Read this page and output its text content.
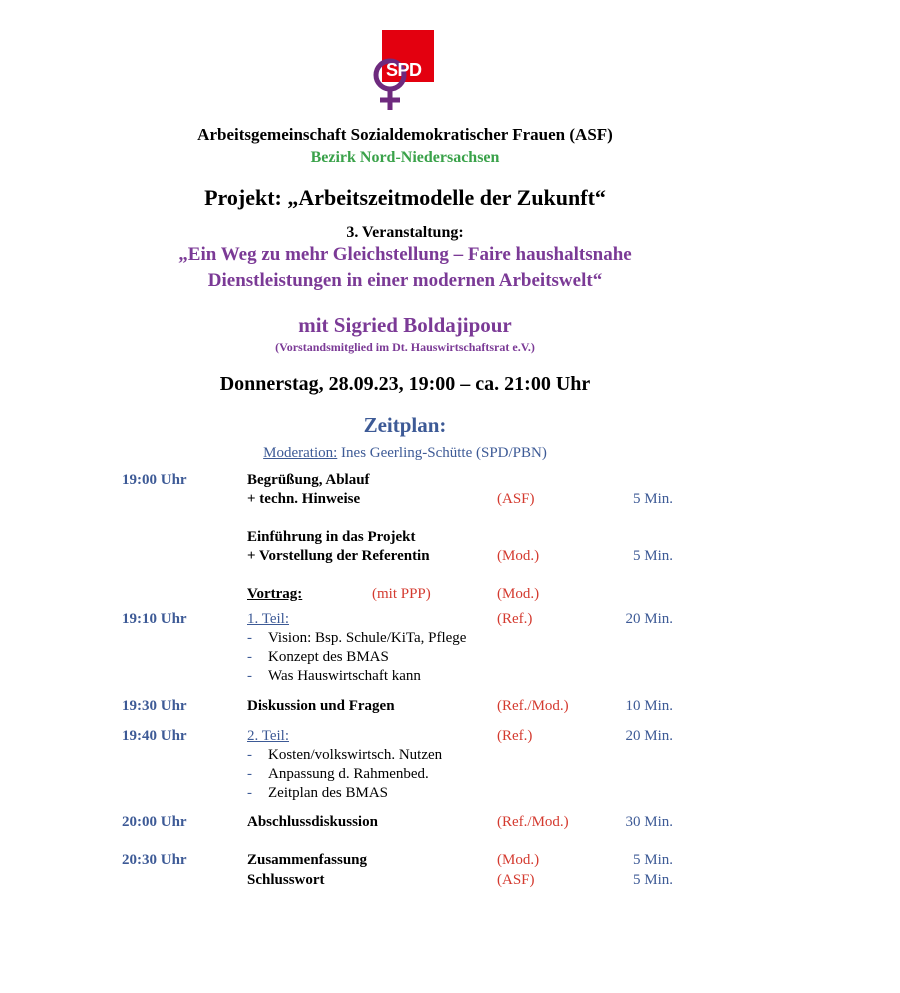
SPD
Arbeitsgemeinschaft Sozialdemokratischer Frauen (ASF)
Bezirk Nord-Niedersachsen
Projekt: „Arbeitszeitmodelle der Zukunft“
3. Veranstaltung:
„Ein Weg zu mehr Gleichstellung – Faire haushaltsnahe
Dienstleistungen in einer modernen Arbeitswelt“
mit Sigried Boldajipour
(Vorstandsmitglied im Dt. Hauswirtschaftsrat e.V.)
Donnerstag, 28.09.23, 19:00 – ca. 21:00 Uhr
Zeitplan:
Moderation: Ines Geerling-Schütte (SPD/PBN)
19:00 Uhr	Begrüßung, Ablauf
+ techn. Hinweise	(ASF)	5 Min.
Einführung in das Projekt
+ Vorstellung der Referentin	(Mod.)	5 Min.
Vortrag:	(mit PPP)	(Mod.)
19:10 Uhr	1. Teil:	(Ref.)	20 Min.
- Vision: Bsp. Schule/KiTa, Pflege
- Konzept des BMAS
- Was Hauswirtschaft kann
19:30 Uhr	Diskussion und Fragen	(Ref./Mod.)	10 Min.
19:40 Uhr	2. Teil:	(Ref.)	20 Min.
- Kosten/volkswirtsch. Nutzen
- Anpassung d. Rahmenbed.
- Zeitplan des BMAS
20:00 Uhr	Abschlussdiskussion	(Ref./Mod.)	30 Min.
20:30 Uhr	Zusammenfassung	(Mod.)	5 Min.
Schlusswort	(ASF)	5 Min.
